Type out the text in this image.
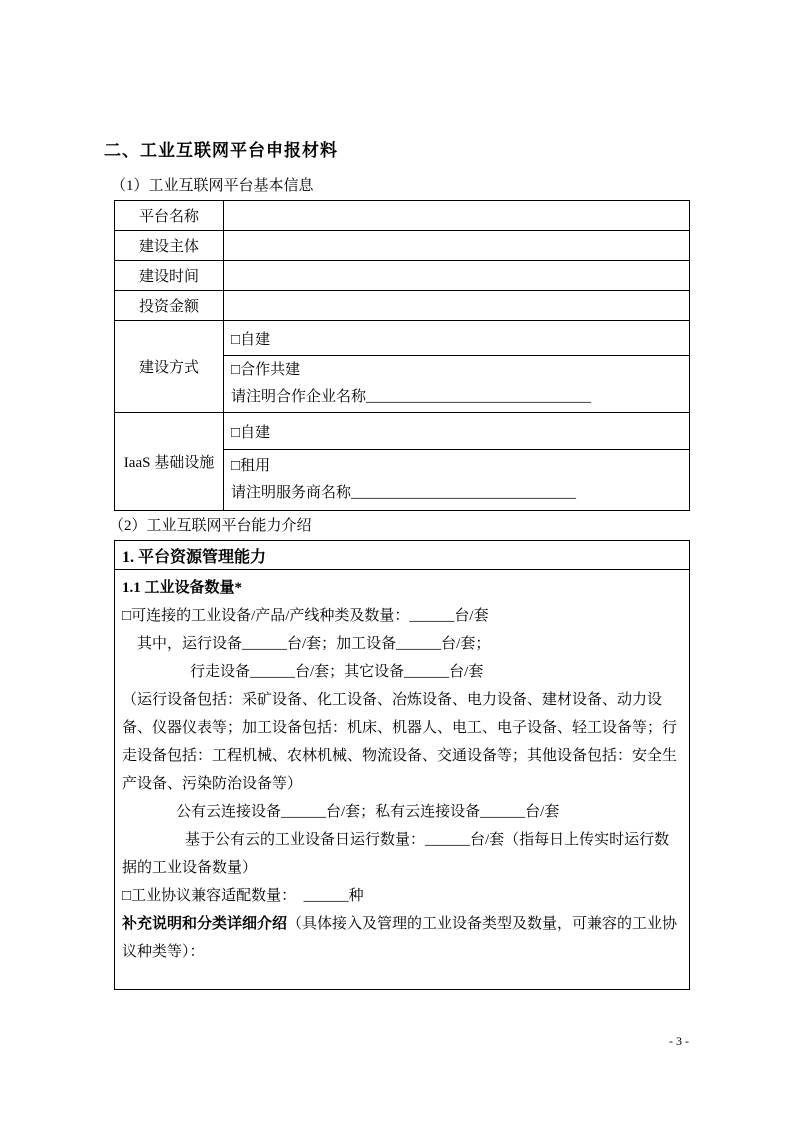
二、工业互联网平台申报材料
（1）工业互联网平台基本信息
平台名称	
建设主体	
建设时间	
投资金额	
建设方式	□自建

	□合作共建
请注明合作企业名称______________________________

IaaS 基础设施	□自建

	□租用
请注明服务商名称______________________________
（2）工业互联网平台能力介绍
1. 平台资源管理能力

1.1 工业设备数量*

□可连接的工业设备/产品/产线种类及数量：______台/套

其中，运行设备______台/套；加工设备______台/套；

行走设备______台/套；其它设备______台/套

（运行设备包括：采矿设备、化工设备、冶炼设备、电力设备、建材设备、动力设备、仪器仪表等；加工设备包括：机床、机器人、电工、电子设备、轻工设备等；行走设备包括：工程机械、农林机械、物流设备、交通设备等；其他设备包括：安全生产设备、污染防治设备等）

公有云连接设备______台/套；私有云连接设备______台/套

基于公有云的工业设备日运行数量：______台/套（指每日上传实时运行数据的工业设备数量）

□工业协议兼容适配数量：  ______种

补充说明和分类详细介绍（具体接入及管理的工业设备类型及数量，可兼容的工业协议种类等）：

- 3 -
